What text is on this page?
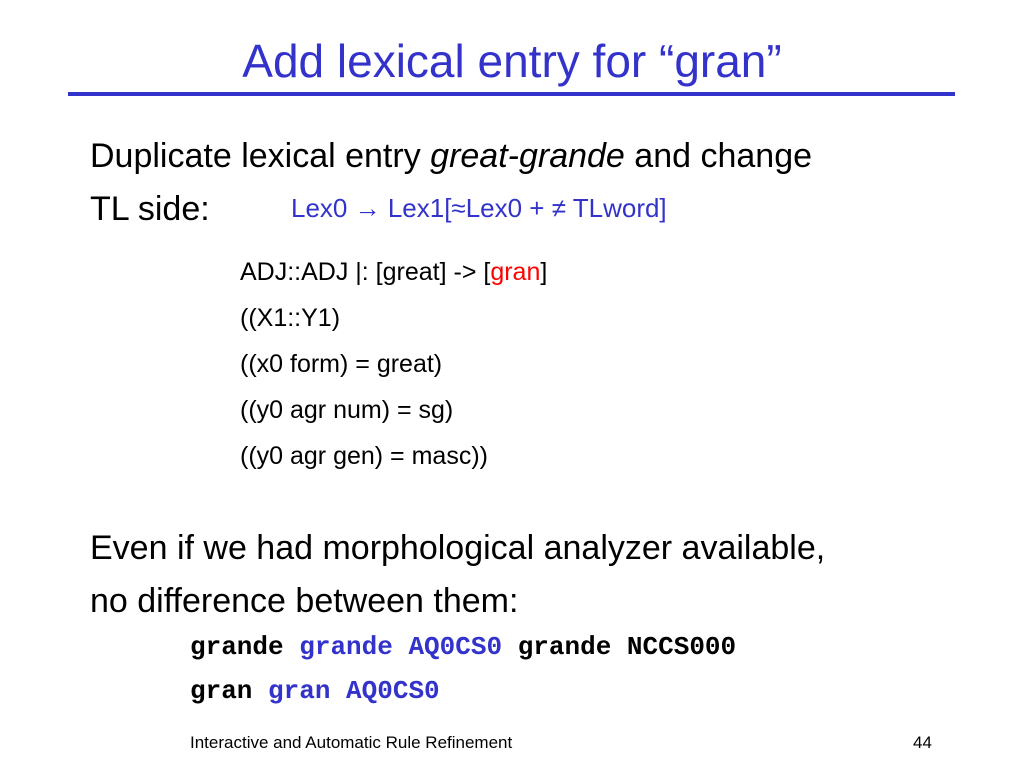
Add lexical entry for “gran”
Duplicate lexical entry great-grande and change
TL side:	Lex0 → Lex1[≈Lex0 + ≠ TLword]
ADJ::ADJ |: [great] -> [gran]
((X1::Y1)
((x0 form) = great)
((y0 agr num) = sg)
((y0 agr gen) = masc))
Even if we had morphological analyzer available,
no difference between them:
grande grande AQ0CS0 grande NCCS000
gran gran AQ0CS0
Interactive and Automatic Rule Refinement	44
